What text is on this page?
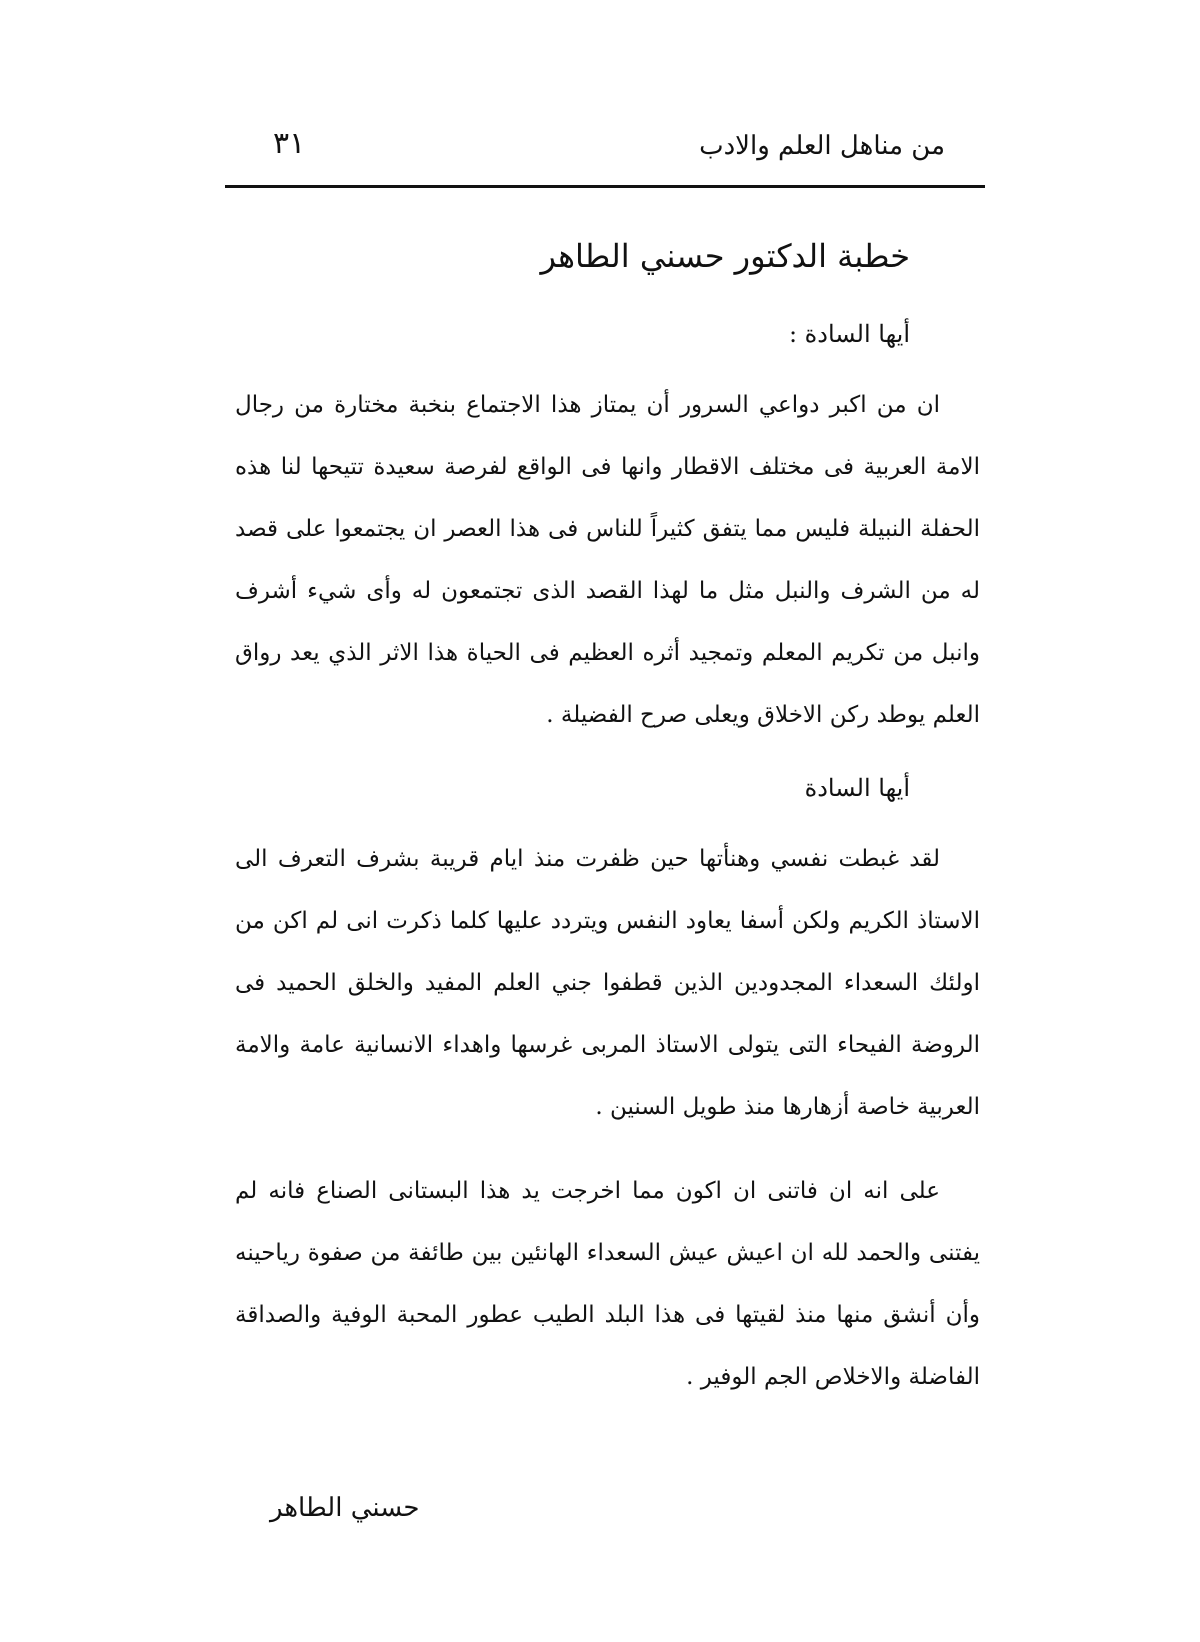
من مناهل العلم والادب
٣١
خطبة الدكتور حسني الطاهر
أيها السادة :

ان من اكبر دواعي السرور أن يمتاز هذا الاجتماع بنخبة مختارة من رجال الامة العربية فى مختلف الاقطار وانها فى الواقع لفرصة سعيدة تتيحها لنا هذه الحفلة النبيلة فليس مما يتفق كثيراً للناس فى هذا العصر ان يجتمعوا على قصد له من الشرف والنبل مثل ما لهذا القصد الذى تجتمعون له وأى شيء أشرف وانبل من تكريم المعلم وتمجيد أثره العظيم فى الحياة هذا الاثر الذي يعد رواق العلم يوطد ركن الاخلاق ويعلى صرح الفضيلة .

أيها السادة

لقد غبطت نفسي وهنأتها حين ظفرت منذ ايام قريبة بشرف التعرف الى الاستاذ الكريم ولكن أسفا يعاود النفس ويتردد عليها كلما ذكرت انى لم اكن من اولئك السعداء المجدودين الذين قطفوا جني العلم المفيد والخلق الحميد فى الروضة الفيحاء التى يتولى الاستاذ المربى غرسها واهداء الانسانية عامة والامة العربية خاصة أزهارها منذ طويل السنين .

على انه ان فاتنى ان اكون مما اخرجت يد هذا البستانى الصناع فانه لم يفتنى والحمد لله ان اعيش عيش السعداء الهانئين بين طائفة من صفوة رياحينه وأن أنشق منها منذ لقيتها فى هذا البلد الطيب عطور المحبة الوفية والصداقة الفاضلة والاخلاص الجم الوفير .

حسني الطاهر
